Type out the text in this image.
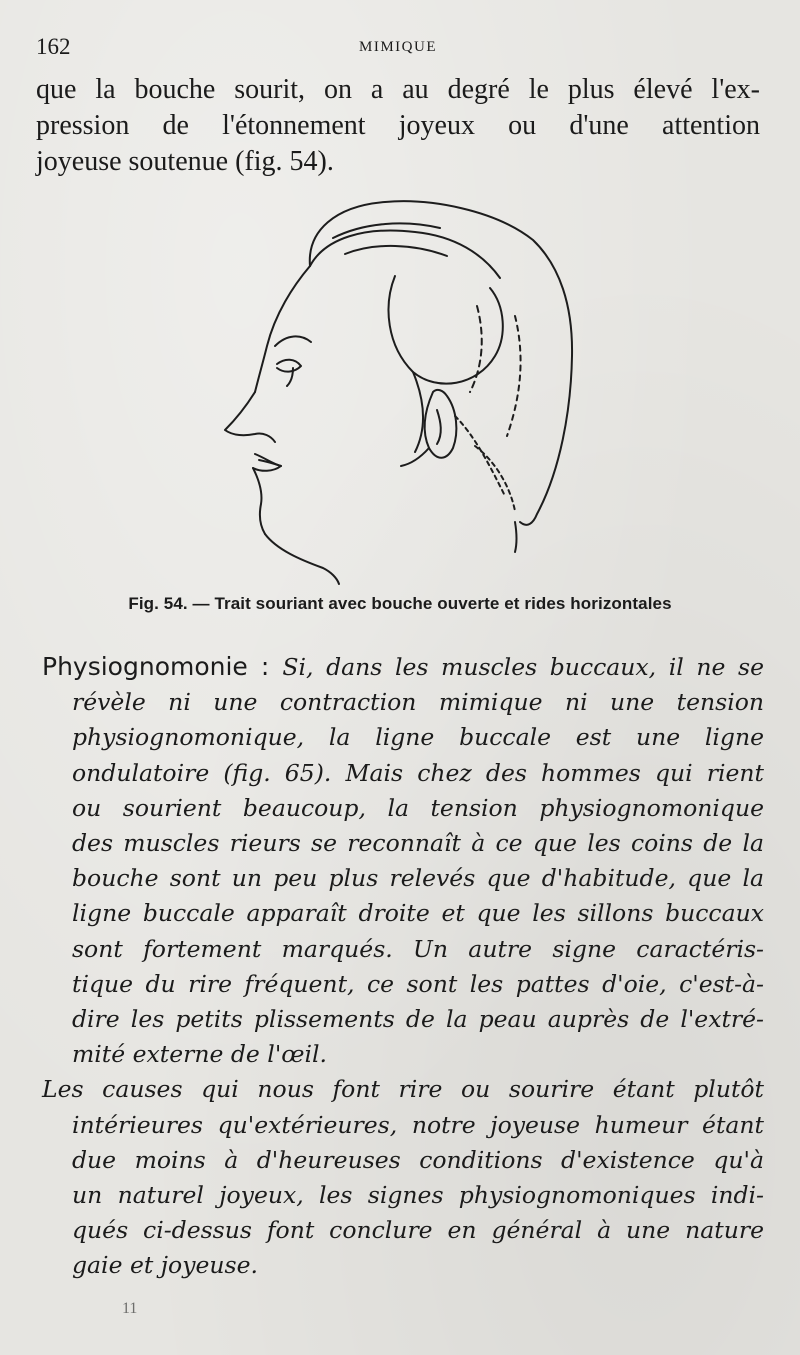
162	MIMIQUE
que la bouche sourit, on a au degré le plus élevé l'ex-
pression de l'étonnement joyeux ou d'une attention
joyeuse soutenue (fig. 54).
Fig. 54. — Trait souriant avec bouche ouverte et rides horizontales
Physiognomonie : Si, dans les muscles buccaux, il ne se
révèle ni une contraction mimique ni une tension
physiognomonique, la ligne buccale est une ligne
ondulatoire (fig. 65). Mais chez des hommes qui rient
ou sourient beaucoup, la tension physiognomonique
des muscles rieurs se reconnaît à ce que les coins de la
bouche sont un peu plus relevés que d'habitude, que la
ligne buccale apparaît droite et que les sillons buccaux
sont fortement marqués. Un autre signe caractéris-
tique du rire fréquent, ce sont les pattes d'oie, c'est-à-
dire les petits plissements de la peau auprès de l'extré-
mité externe de l'œil.
Les causes qui nous font rire ou sourire étant plutôt
intérieures qu'extérieures, notre joyeuse humeur étant
due moins à d'heureuses conditions d'existence qu'à
un naturel joyeux, les signes physiognomoniques indi-
qués ci-dessus font conclure en général à une nature
gaie et joyeuse.
11
